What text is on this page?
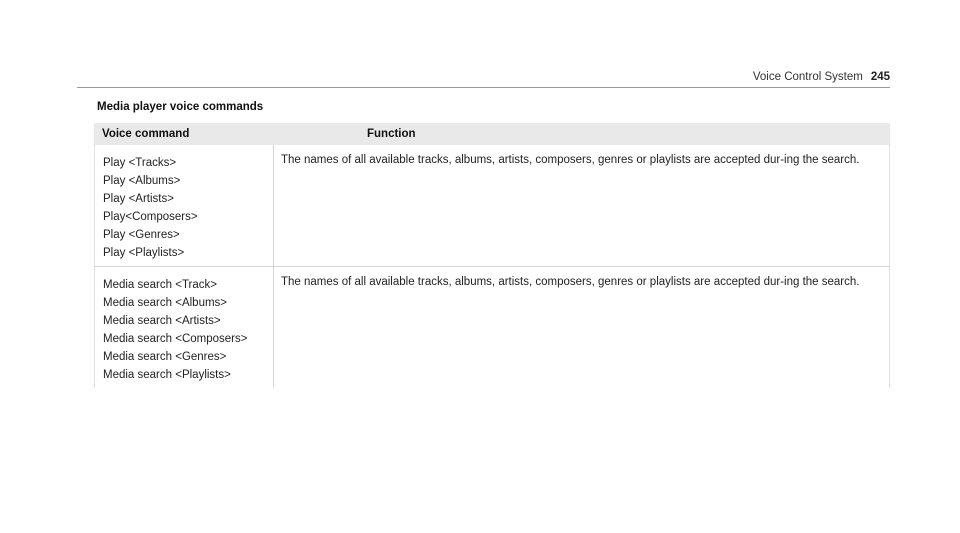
Voice Control System 245
Media player voice commands
Voice command	Function
Play <Tracks>
Play <Albums>
Play <Artists>
Play<Composers>
Play <Genres>
Play <Playlists>
The names of all available tracks, albums, artists, composers, genres or playlists are accepted dur-ing the search.
Media search <Track>
Media search <Albums>
Media search <Artists>
Media search <Composers>
Media search <Genres>
Media search <Playlists>
The names of all available tracks, albums, artists, composers, genres or playlists are accepted dur-ing the search.
